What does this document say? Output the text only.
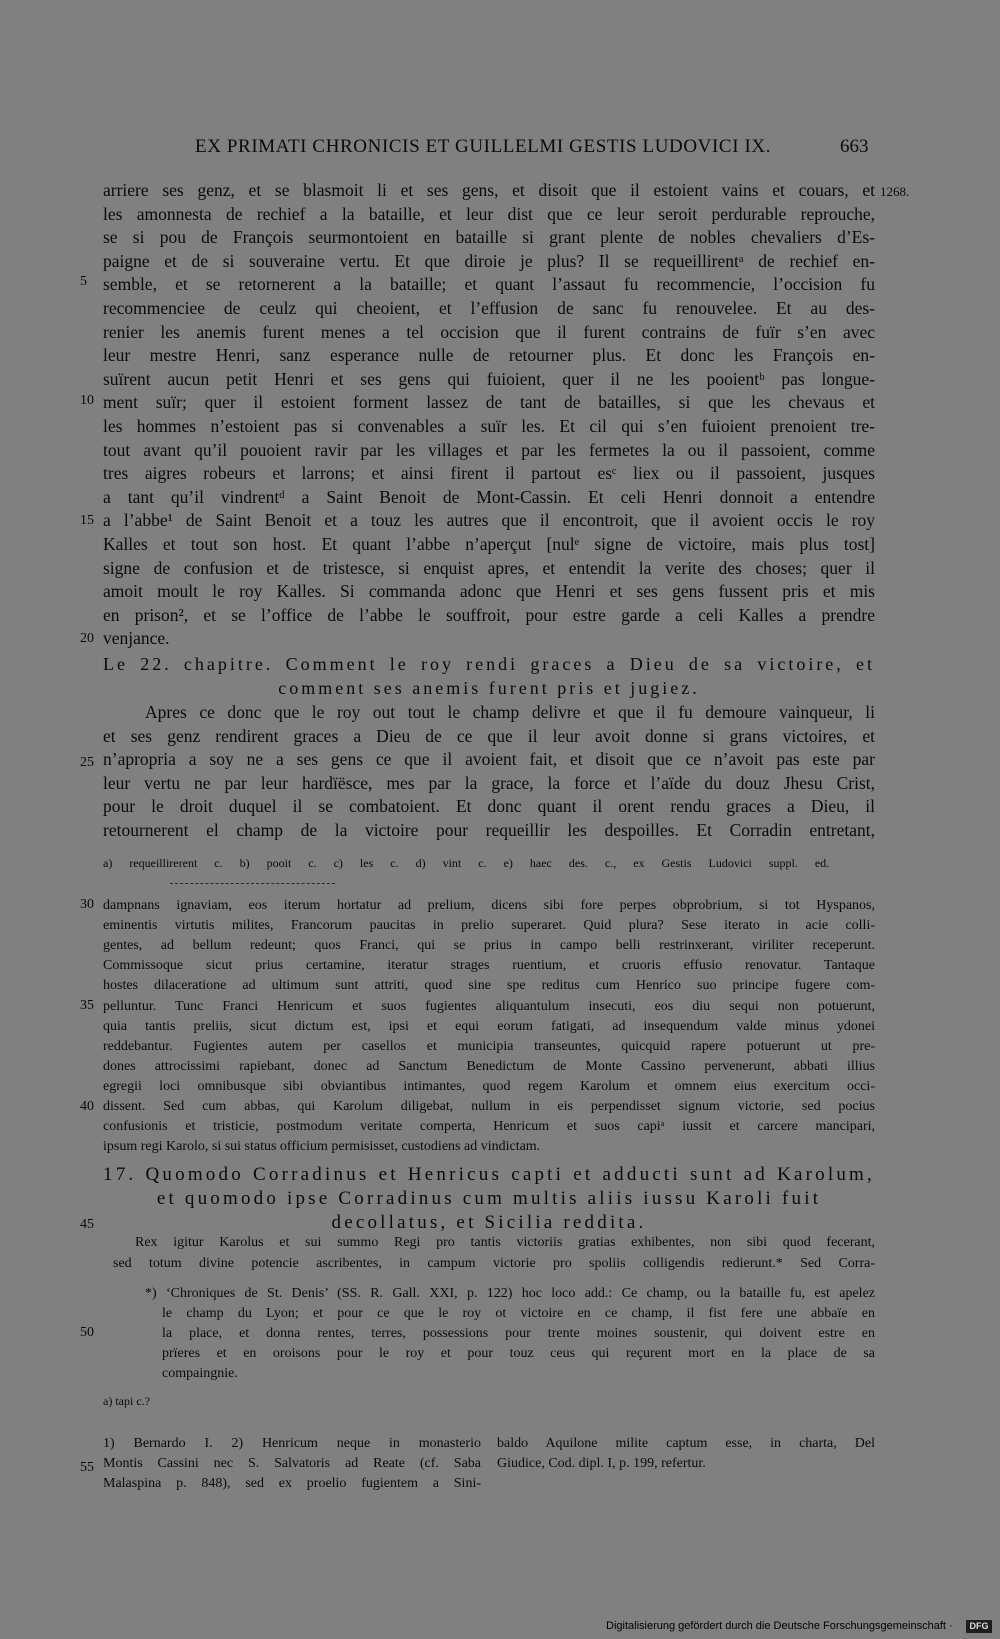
EX PRIMATI CHRONICIS ET GUILLELMI GESTIS LUDOVICI IX.	663
1268.
5
10
15
20
25
30
35
40
45
50
55
arriere ses genz, et se blasmoit li et ses gens, et disoit que il estoient vains et couars, et
les amonnesta de rechief a la bataille, et leur dist que ce leur seroit perdurable reprouche,
se si pou de François seurmontoient en bataille si grant plente de nobles chevaliers d’Es-
paigne et de si souveraine vertu. Et que diroie je plus? Il se requeillirentᵃ de rechief en-
semble, et se retornerent a la bataille; et quant l’assaut fu recommencie, l’occision fu
recommenciee de ceulz qui cheoient, et l’effusion de sanc fu renouvelee. Et au des-
renier les anemis furent menes a tel occision que il furent contrains de fuïr s’en avec
leur mestre Henri, sanz esperance nulle de retourner plus. Et donc les François en-
suïrent aucun petit Henri et ses gens qui fuioient, quer il ne les pooientᵇ pas longue-
ment suïr; quer il estoient forment lassez de tant de batailles, si que les chevaus et
les hommes n’estoient pas si convenables a suïr les. Et cil qui s’en fuioient prenoient tre-
tout avant qu’il pouoient ravir par les villages et par les fermetes la ou il passoient, comme
tres aigres robeurs et larrons; et ainsi firent il partout esᶜ liex ou il passoient, jusques
a tant qu’il vindrentᵈ a Saint Benoit de Mont-Cassin. Et celi Henri donnoit a entendre
a l’abbe¹ de Saint Benoit et a touz les autres que il encontroit, que il avoient occis le roy
Kalles et tout son host. Et quant l’abbe n’aperçut [nulᵉ signe de victoire, mais plus tost]
signe de confusion et de tristesce, si enquist apres, et entendit la verite des choses; quer il
amoit moult le roy Kalles. Si commanda adonc que Henri et ses gens fussent pris et mis
en prison², et se l’office de l’abbe le souffroit, pour estre garde a celi Kalles a prendre
venjance.
Le 22. chapitre. Comment le roy rendi graces a Dieu de sa victoire, et
comment ses anemis furent pris et jugiez.
Apres ce donc que le roy out tout le champ delivre et que il fu demoure vainqueur, li
et ses genz rendirent graces a Dieu de ce que il leur avoit donne si grans victoires, et
n’apropria a soy ne a ses gens ce que il avoient fait, et disoit que ce n’avoit pas este par
leur vertu ne par leur hardïësce, mes par la grace, la force et l’aïde du douz Jhesu Crist,
pour le droit duquel il se combatoient. Et donc quant il orent rendu graces a Dieu, il
retournerent el champ de la victoire pour requeillir les despoilles. Et Corradin entretant,
a) requeillirerent c. b) pooit c. c) les c. d) vint c. e) haec des. c., ex Gestis Ludovici suppl. ed.
dampnans ignaviam, eos iterum hortatur ad prelium, dicens sibi fore perpes obprobrium, si tot Hyspanos,
eminentis virtutis milites, Francorum paucitas in prelio superaret. Quid plura? Sese iterato in acie colli-
gentes, ad bellum redeunt; quos Franci, qui se prius in campo belli restrinxerant, viriliter receperunt.
Commissoque sicut prius certamine, iteratur strages ruentium, et cruoris effusio renovatur. Tantaque
hostes dilaceratione ad ultimum sunt attriti, quod sine spe reditus cum Henrico suo principe fugere com-
pelluntur. Tunc Franci Henricum et suos fugientes aliquantulum insecuti, eos diu sequi non potuerunt,
quia tantis preliis, sicut dictum est, ipsi et equi eorum fatigati, ad insequendum valde minus ydonei
reddebantur. Fugientes autem per casellos et municipia transeuntes, quicquid rapere potuerunt ut pre-
dones attrocissimi rapiebant, donec ad Sanctum Benedictum de Monte Cassino pervenerunt, abbati illius
egregii loci omnibusque sibi obviantibus intimantes, quod regem Karolum et omnem eius exercitum occi-
dissent. Sed cum abbas, qui Karolum diligebat, nullum in eis perpendisset signum victorie, sed pocius
confusionis et tristicie, postmodum veritate comperta, Henricum et suos capiᵃ iussit et carcere mancipari,
ipsum regi Karolo, si sui status officium permisisset, custodiens ad vindictam.
17. Quomodo Corradinus et Henricus capti et adducti sunt ad Karolum,
et quomodo ipse Corradinus cum multis aliis iussu Karoli fuit
decollatus, et Sicilia reddita.
Rex igitur Karolus et sui summo Regi pro tantis victoriis gratias exhibentes, non sibi quod fecerant,
sed totum divine potencie ascribentes, in campum victorie pro spoliis colligendis redierunt.* Sed Corra-
*) ‘Chroniques de St. Denis’ (SS. R. Gall. XXI, p. 122) hoc loco add.: Ce champ, ou la bataille fu, est apelez
le champ du Lyon; et pour ce que le roy ot victoire en ce champ, il fist fere une abbaïe en
la place, et donna rentes, terres, possessions pour trente moines soustenir, qui doivent estre en
prïeres et en oroisons pour le roy et pour touz ceus qui reçurent mort en la place de sa
compaingnie.
a) tapi c.?
1) Bernardo I. 2) Henricum neque in monasterio
Montis Cassini nec S. Salvatoris ad Reate (cf. Saba
Malaspina p. 848), sed ex proelio fugientem a Sini-
baldo Aquilone milite captum esse, in charta, Del
Giudice, Cod. dipl. I, p. 199, refertur.
Digitalisierung gefördert durch die Deutsche Forschungsgemeinschaft ·	DFG
